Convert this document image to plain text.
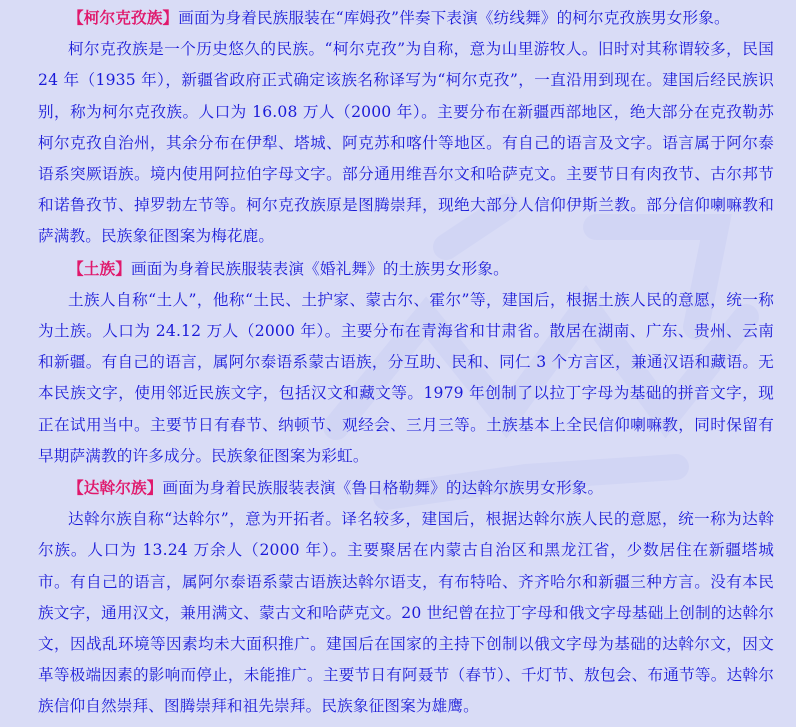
【柯尔克孜族】画面为身着民族服装在“库姆孜”伴奏下表演《纺线舞》的柯尔克孜族男女形象。

柯尔克孜族是一个历史悠久的民族。“柯尔克孜”为自称，意为山里游牧人。旧时对其称谓较多，民国 24 年（1935 年），新疆省政府正式确定该族名称译写为“柯尔克孜”，一直沿用到现在。建国后经民族识别，称为柯尔克孜族。人口为 16.08 万人（2000 年）。主要分布在新疆西部地区，绝大部分在克孜勒苏柯尔克孜自治州，其余分布在伊犁、塔城、阿克苏和喀什等地区。有自己的语言及文字。语言属于阿尔泰语系突厥语族。境内使用阿拉伯字母文字。部分通用维吾尔文和哈萨克文。主要节日有肉孜节、古尔邦节和诺鲁孜节、掉罗勃左节等。柯尔克孜族原是图腾崇拜，现绝大部分人信仰伊斯兰教。部分信仰喇嘛教和萨满教。民族象征图案为梅花鹿。

【土族】画面为身着民族服装表演《婚礼舞》的土族男女形象。

土族人自称“土人”，他称“土民、土护家、蒙古尔、霍尔”等，建国后，根据土族人民的意愿，统一称为土族。人口为 24.12 万人（2000 年）。主要分布在青海省和甘肃省。散居在湖南、广东、贵州、云南和新疆。有自己的语言，属阿尔泰语系蒙古语族，分互助、民和、同仁 3 个方言区，兼通汉语和藏语。无本民族文字，使用邻近民族文字，包括汉文和藏文等。1979 年创制了以拉丁字母为基础的拼音文字，现正在试用当中。主要节日有春节、纳顿节、观经会、三月三等。土族基本上全民信仰喇嘛教，同时保留有早期萨满教的许多成分。民族象征图案为彩虹。

【达斡尔族】画面为身着民族服装表演《鲁日格勒舞》的达斡尔族男女形象。

达斡尔族自称“达斡尔”，意为开拓者。译名较多，建国后，根据达斡尔族人民的意愿，统一称为达斡尔族。人口为 13.24 万余人（2000 年）。主要聚居在内蒙古自治区和黑龙江省，少数居住在新疆塔城市。有自己的语言，属阿尔泰语系蒙古语族达斡尔语支，有布特哈、齐齐哈尔和新疆三种方言。没有本民族文字，通用汉文，兼用满文、蒙古文和哈萨克文。20 世纪曾在拉丁字母和俄文字母基础上创制的达斡尔文，因战乱环境等因素均未大面积推广。建国后在国家的主持下创制以俄文字母为基础的达斡尔文，因文革等极端因素的影响而停止，未能推广。主要节日有阿聂节（春节）、千灯节、敖包会、布通节等。达斡尔族信仰自然崇拜、图腾崇拜和祖先崇拜。民族象征图案为雄鹰。
